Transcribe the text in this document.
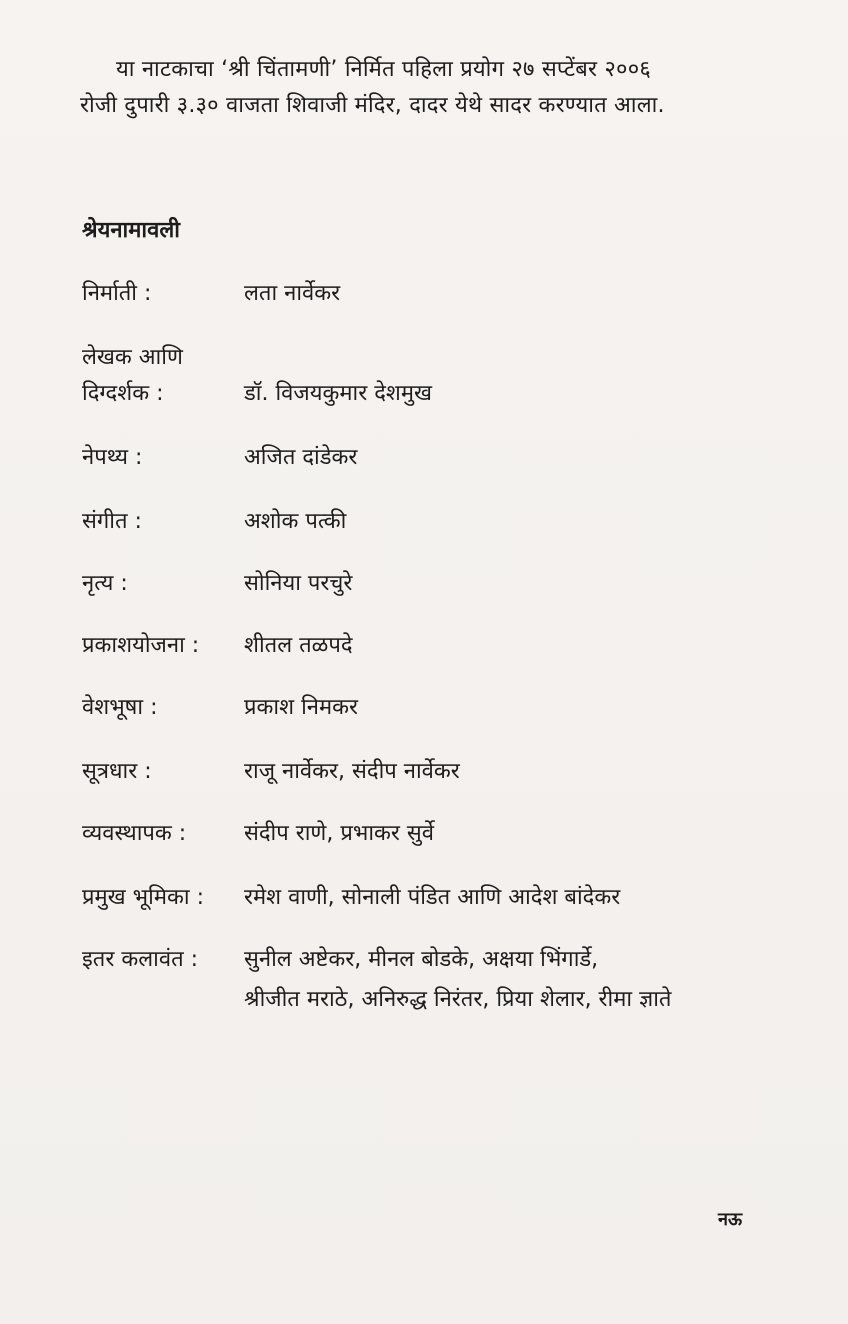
या नाटकाचा ‘श्री चिंतामणी’ निर्मित पहिला प्रयोग २७ सप्टेंबर २००६

रोजी दुपारी ३.३० वाजता शिवाजी मंदिर, दादर येथे सादर करण्यात आला.

श्रेयनामावली
निर्माती :	लता नार्वेकर
लेखक आणि
दिग्दर्शक :	डॉ. विजयकुमार देशमुख
नेपथ्य :	अजित दांडेकर
संगीत :	अशोक पत्की
नृत्य :	सोनिया परचुरे
प्रकाशयोजना : शीतल तळपदे
वेशभूषा :	प्रकाश निमकर
सूत्रधार :	राजू नार्वेकर, संदीप नार्वेकर
व्यवस्थापक :	संदीप राणे, प्रभाकर सुर्वे
प्रमुख भूमिका : रमेश वाणी, सोनाली पंडित आणि आदेश बांदेकर
इतर कलावंत : सुनील अष्टेकर, मीनल बोडके, अक्षया भिंगार्डे,
श्रीजीत मराठे, अनिरुद्ध निरंतर, प्रिया शेलार, रीमा ज्ञाते
नऊ
